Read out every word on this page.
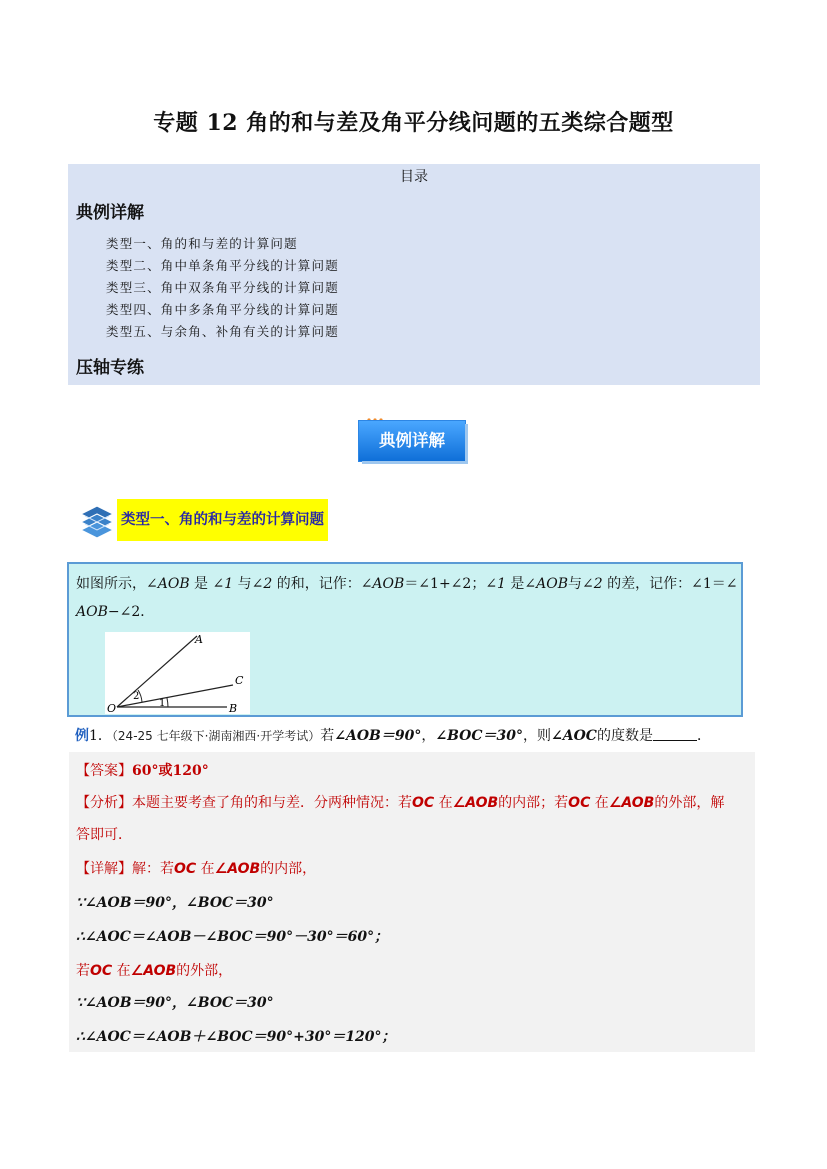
专题 12 角的和与差及角平分线问题的五类综合题型
目录
典例详解
类型一、角的和与差的计算问题
类型二、角中单条角平分线的计算问题
类型三、角中双条角平分线的计算问题
类型四、角中多条角平分线的计算问题
类型五、与余角、补角有关的计算问题
压轴专练
典例详解
类型一、角的和与差的计算问题
如图所示，∠AOB 是 ∠1 与∠2 的和，记作：∠AOB＝∠1+∠2；∠1 是∠AOB与∠2 的差，记作：∠1＝∠
AOB−∠2．
A
C
O	B
2
1
例1．（24-25 七年级下·湖南湘西·开学考试）若∠AOB＝90°，∠BOC＝30°，则∠AOC的度数是	．
【答案】60°或120°
【分析】本题主要考查了角的和与差．分两种情况：若OC 在∠AOB的内部；若OC 在∠AOB的外部，解
答即可．
【详解】解：若OC 在∠AOB的内部，
∵∠AOB＝90°，∠BOC＝30°
∴∠AOC＝∠AOB－∠BOC＝90°－30°＝60°；
若OC 在∠AOB的外部，
∵∠AOB＝90°，∠BOC＝30°
∴∠AOC＝∠AOB＋∠BOC＝90°+30°＝120°；
